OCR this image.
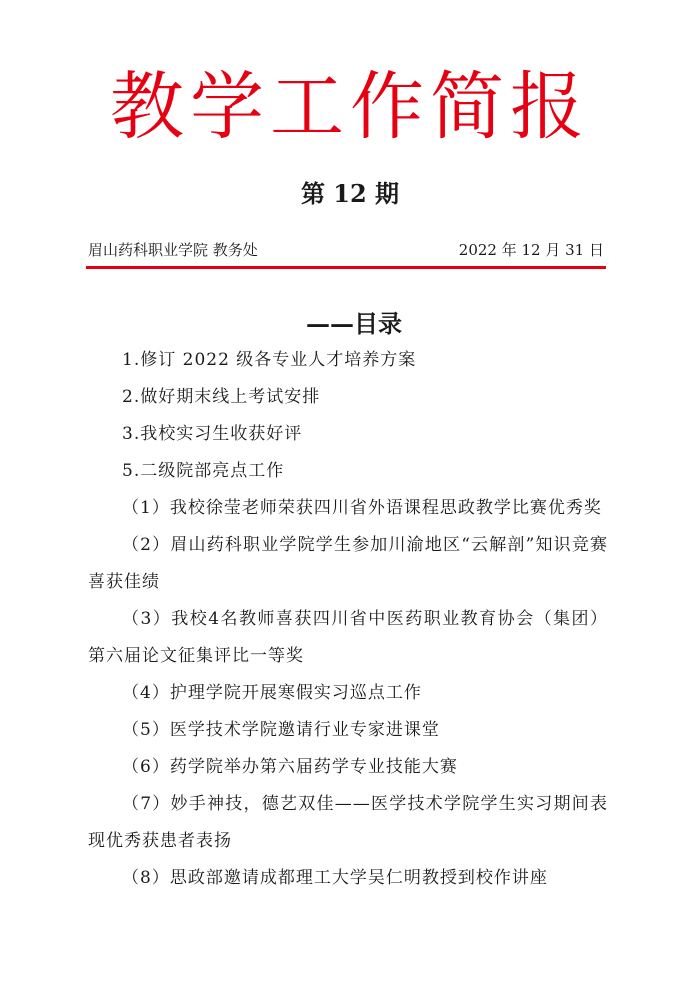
教学工作简报
第 12 期
眉山药科职业学院 教务处	2022 年 12 月 31 日
——目录

1.修订 2022 级各专业人才培养方案

2.做好期末线上考试安排

3.我校实习生收获好评

5.二级院部亮点工作

（1）我校徐莹老师荣获四川省外语课程思政教学比赛优秀奖

（2）眉山药科职业学院学生参加川渝地区“云解剖”知识竞赛喜获佳绩

（3）我校4名教师喜获四川省中医药职业教育协会（集团）第六届论文征集评比一等奖

（4）护理学院开展寒假实习巡点工作

（5）医学技术学院邀请行业专家进课堂

（6）药学院举办第六届药学专业技能大赛

（7）妙手神技，德艺双佳——医学技术学院学生实习期间表现优秀获患者表扬

（8）思政部邀请成都理工大学吴仁明教授到校作讲座
